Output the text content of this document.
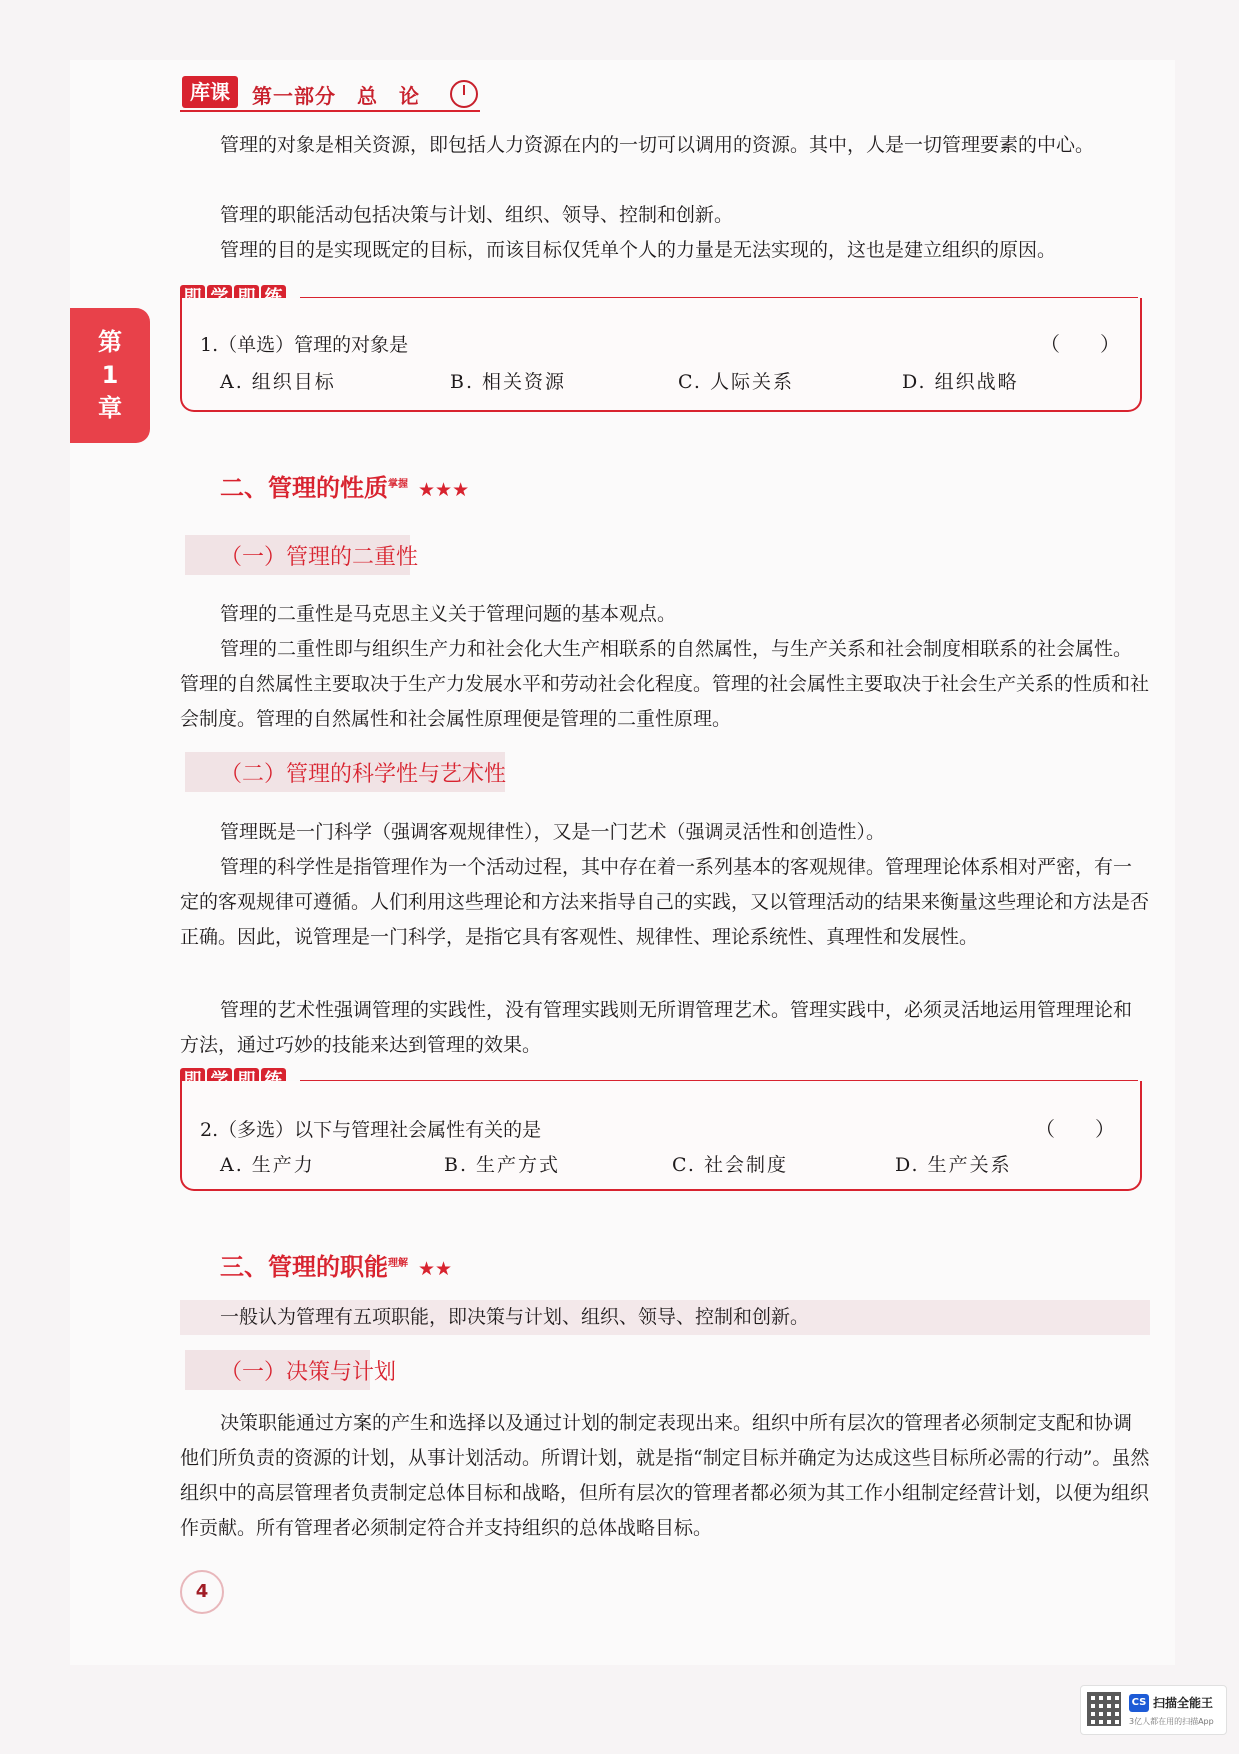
库课	第一部分　总　论
第
1
章
管理的对象是相关资源，即包括人力资源在内的一切可以调用的资源。其中，人是一切管理要素的中心。
管理的职能活动包括决策与计划、组织、领导、控制和创新。
管理的目的是实现既定的目标，而该目标仅凭单个人的力量是无法实现的，这也是建立组织的原因。
1.（单选）管理的对象是	（　　）
A. 组织目标	B. 相关资源	C. 人际关系	D. 组织战略
二、管理的性质$^{掌握}$ ★★★
（一）管理的二重性
管理的二重性是马克思主义关于管理问题的基本观点。
管理的二重性即与组织生产力和社会化大生产相联系的自然属性，与生产关系和社会制度相联系的社会属性。管理的自然属性主要取决于生产力发展水平和劳动社会化程度。管理的社会属性主要取决于社会生产关系的性质和社会制度。管理的自然属性和社会属性原理便是管理的二重性原理。
（二）管理的科学性与艺术性
管理既是一门科学（强调客观规律性），又是一门艺术（强调灵活性和创造性）。
管理的科学性是指管理作为一个活动过程，其中存在着一系列基本的客观规律。管理理论体系相对严密，有一定的客观规律可遵循。人们利用这些理论和方法来指导自己的实践，又以管理活动的结果来衡量这些理论和方法是否正确。因此，说管理是一门科学，是指它具有客观性、规律性、理论系统性、真理性和发展性。
管理的艺术性强调管理的实践性，没有管理实践则无所谓管理艺术。管理实践中，必须灵活地运用管理理论和方法，通过巧妙的技能来达到管理的效果。
2.（多选）以下与管理社会属性有关的是	（　　）
A. 生产力	B. 生产方式	C. 社会制度	D. 生产关系
三、管理的职能$^{理解}$ ★★
一般认为管理有五项职能，即决策与计划、组织、领导、控制和创新。
（一）决策与计划
决策职能通过方案的产生和选择以及通过计划的制定表现出来。组织中所有层次的管理者必须制定支配和协调他们所负责的资源的计划，从事计划活动。所谓计划，就是指“制定目标并确定为达成这些目标所必需的行动”。虽然组织中的高层管理者负责制定总体目标和战略，但所有层次的管理者都必须为其工作小组制定经营计划，以便为组织作贡献。所有管理者必须制定符合并支持组织的总体战略目标。
4
CS 扫描全能王
3亿人都在用的扫描App
